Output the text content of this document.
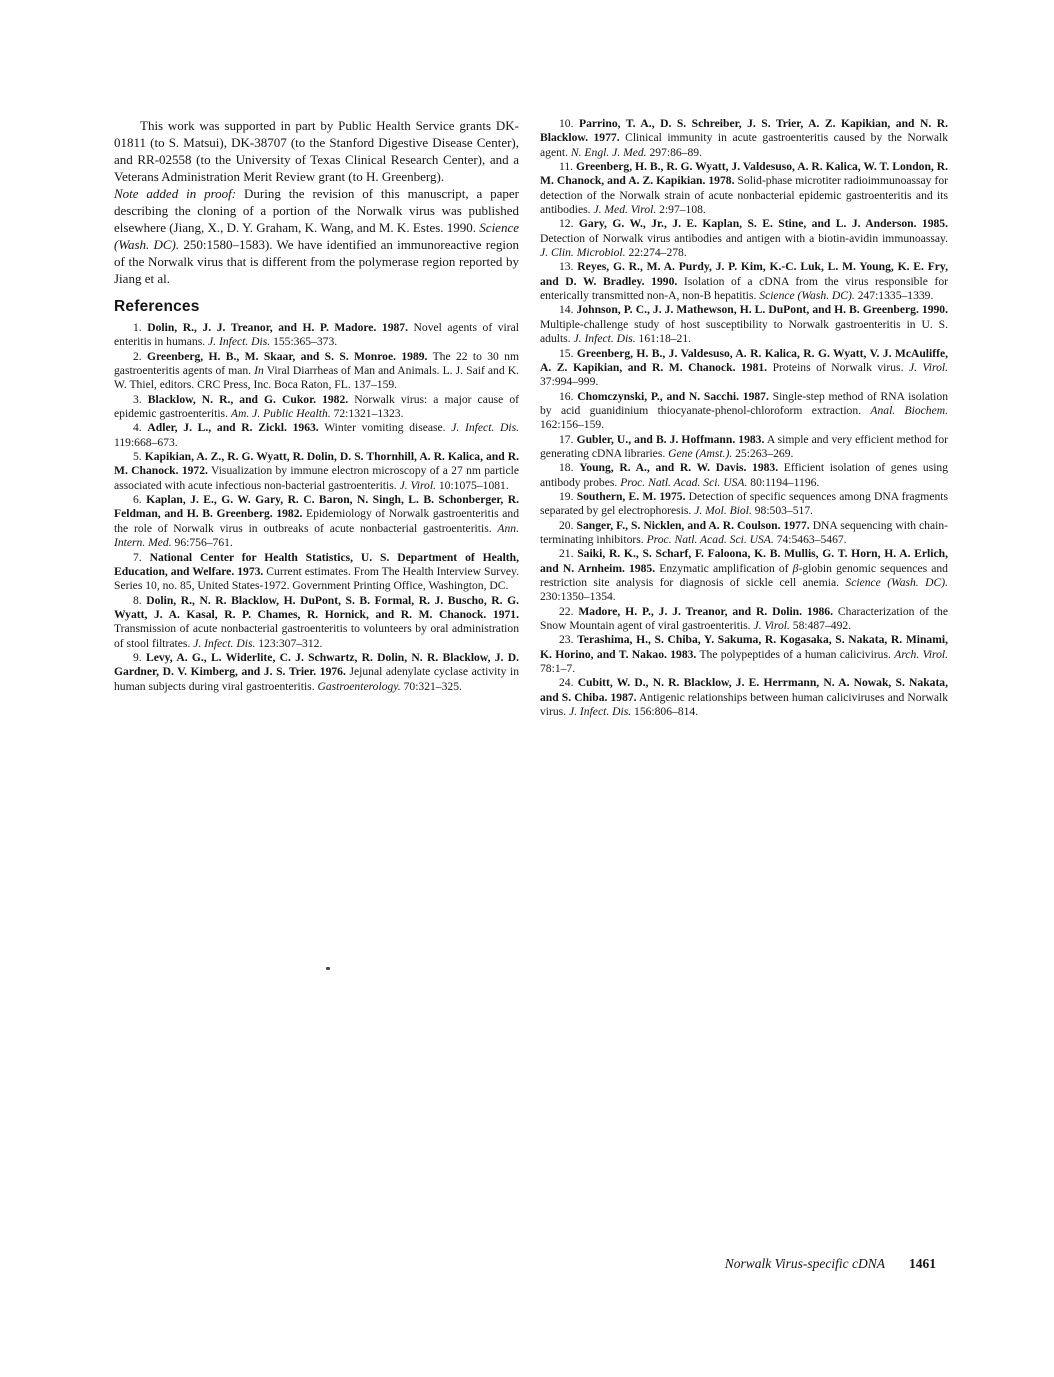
This work was supported in part by Public Health Service grants DK-01811 (to S. Matsui), DK-38707 (to the Stanford Digestive Disease Center), and RR-02558 (to the University of Texas Clinical Research Center), and a Veterans Administration Merit Review grant (to H. Greenberg).

Note added in proof: During the revision of this manuscript, a paper describing the cloning of a portion of the Norwalk virus was published elsewhere (Jiang, X., D. Y. Graham, K. Wang, and M. K. Estes. 1990. Science (Wash. DC). 250:1580–1583). We have identified an immunoreactive region of the Norwalk virus that is different from the polymerase region reported by Jiang et al.

References

1. Dolin, R., J. J. Treanor, and H. P. Madore. 1987. Novel agents of viral enteritis in humans. J. Infect. Dis. 155:365–373.

2. Greenberg, H. B., M. Skaar, and S. S. Monroe. 1989. The 22 to 30 nm gastroenteritis agents of man. In Viral Diarrheas of Man and Animals. L. J. Saif and K. W. Thiel, editors. CRC Press, Inc. Boca Raton, FL. 137–159.

3. Blacklow, N. R., and G. Cukor. 1982. Norwalk virus: a major cause of epidemic gastroenteritis. Am. J. Public Health. 72:1321–1323.

4. Adler, J. L., and R. Zickl. 1963. Winter vomiting disease. J. Infect. Dis. 119:668–673.

5. Kapikian, A. Z., R. G. Wyatt, R. Dolin, D. S. Thornhill, A. R. Kalica, and R. M. Chanock. 1972. Visualization by immune electron microscopy of a 27 nm particle associated with acute infectious non-bacterial gastroenteritis. J. Virol. 10:1075–1081.

6. Kaplan, J. E., G. W. Gary, R. C. Baron, N. Singh, L. B. Schonberger, R. Feldman, and H. B. Greenberg. 1982. Epidemiology of Norwalk gastroenteritis and the role of Norwalk virus in outbreaks of acute nonbacterial gastroenteritis. Ann. Intern. Med. 96:756–761.

7. National Center for Health Statistics, U. S. Department of Health, Education, and Welfare. 1973. Current estimates. From The Health Interview Survey. Series 10, no. 85, United States-1972. Government Printing Office, Washington, DC.

8. Dolin, R., N. R. Blacklow, H. DuPont, S. B. Formal, R. J. Buscho, R. G. Wyatt, J. A. Kasal, R. P. Chames, R. Hornick, and R. M. Chanock. 1971. Transmission of acute nonbacterial gastroenteritis to volunteers by oral administration of stool filtrates. J. Infect. Dis. 123:307–312.

9. Levy, A. G., L. Widerlite, C. J. Schwartz, R. Dolin, N. R. Blacklow, J. D. Gardner, D. V. Kimberg, and J. S. Trier. 1976. Jejunal adenylate cyclase activity in human subjects during viral gastroenteritis. Gastroenterology. 70:321–325.

10. Parrino, T. A., D. S. Schreiber, J. S. Trier, A. Z. Kapikian, and N. R. Blacklow. 1977. Clinical immunity in acute gastroenteritis caused by the Norwalk agent. N. Engl. J. Med. 297:86–89.

11. Greenberg, H. B., R. G. Wyatt, J. Valdesuso, A. R. Kalica, W. T. London, R. M. Chanock, and A. Z. Kapikian. 1978. Solid-phase microtiter radioimmunoassay for detection of the Norwalk strain of acute nonbacterial epidemic gastroenteritis and its antibodies. J. Med. Virol. 2:97–108.

12. Gary, G. W., Jr., J. E. Kaplan, S. E. Stine, and L. J. Anderson. 1985. Detection of Norwalk virus antibodies and antigen with a biotin-avidin immunoassay. J. Clin. Microbiol. 22:274–278.

13. Reyes, G. R., M. A. Purdy, J. P. Kim, K.-C. Luk, L. M. Young, K. E. Fry, and D. W. Bradley. 1990. Isolation of a cDNA from the virus responsible for enterically transmitted non-A, non-B hepatitis. Science (Wash. DC). 247:1335–1339.

14. Johnson, P. C., J. J. Mathewson, H. L. DuPont, and H. B. Greenberg. 1990. Multiple-challenge study of host susceptibility to Norwalk gastroenteritis in U. S. adults. J. Infect. Dis. 161:18–21.

15. Greenberg, H. B., J. Valdesuso, A. R. Kalica, R. G. Wyatt, V. J. McAuliffe, A. Z. Kapikian, and R. M. Chanock. 1981. Proteins of Norwalk virus. J. Virol. 37:994–999.

16. Chomczynski, P., and N. Sacchi. 1987. Single-step method of RNA isolation by acid guanidinium thiocyanate-phenol-chloroform extraction. Anal. Biochem. 162:156–159.

17. Gubler, U., and B. J. Hoffmann. 1983. A simple and very efficient method for generating cDNA libraries. Gene (Amst.). 25:263–269.

18. Young, R. A., and R. W. Davis. 1983. Efficient isolation of genes using antibody probes. Proc. Natl. Acad. Sci. USA. 80:1194–1196.

19. Southern, E. M. 1975. Detection of specific sequences among DNA fragments separated by gel electrophoresis. J. Mol. Biol. 98:503–517.

20. Sanger, F., S. Nicklen, and A. R. Coulson. 1977. DNA sequencing with chain-terminating inhibitors. Proc. Natl. Acad. Sci. USA. 74:5463–5467.

21. Saiki, R. K., S. Scharf, F. Faloona, K. B. Mullis, G. T. Horn, H. A. Erlich, and N. Arnheim. 1985. Enzymatic amplification of β-globin genomic sequences and restriction site analysis for diagnosis of sickle cell anemia. Science (Wash. DC). 230:1350–1354.

22. Madore, H. P., J. J. Treanor, and R. Dolin. 1986. Characterization of the Snow Mountain agent of viral gastroenteritis. J. Virol. 58:487–492.

23. Terashima, H., S. Chiba, Y. Sakuma, R. Kogasaka, S. Nakata, R. Minami, K. Horino, and T. Nakao. 1983. The polypeptides of a human calicivirus. Arch. Virol. 78:1–7.

24. Cubitt, W. D., N. R. Blacklow, J. E. Herrmann, N. A. Nowak, S. Nakata, and S. Chiba. 1987. Antigenic relationships between human caliciviruses and Norwalk virus. J. Infect. Dis. 156:806–814.

Norwalk Virus-specific cDNA 1461
